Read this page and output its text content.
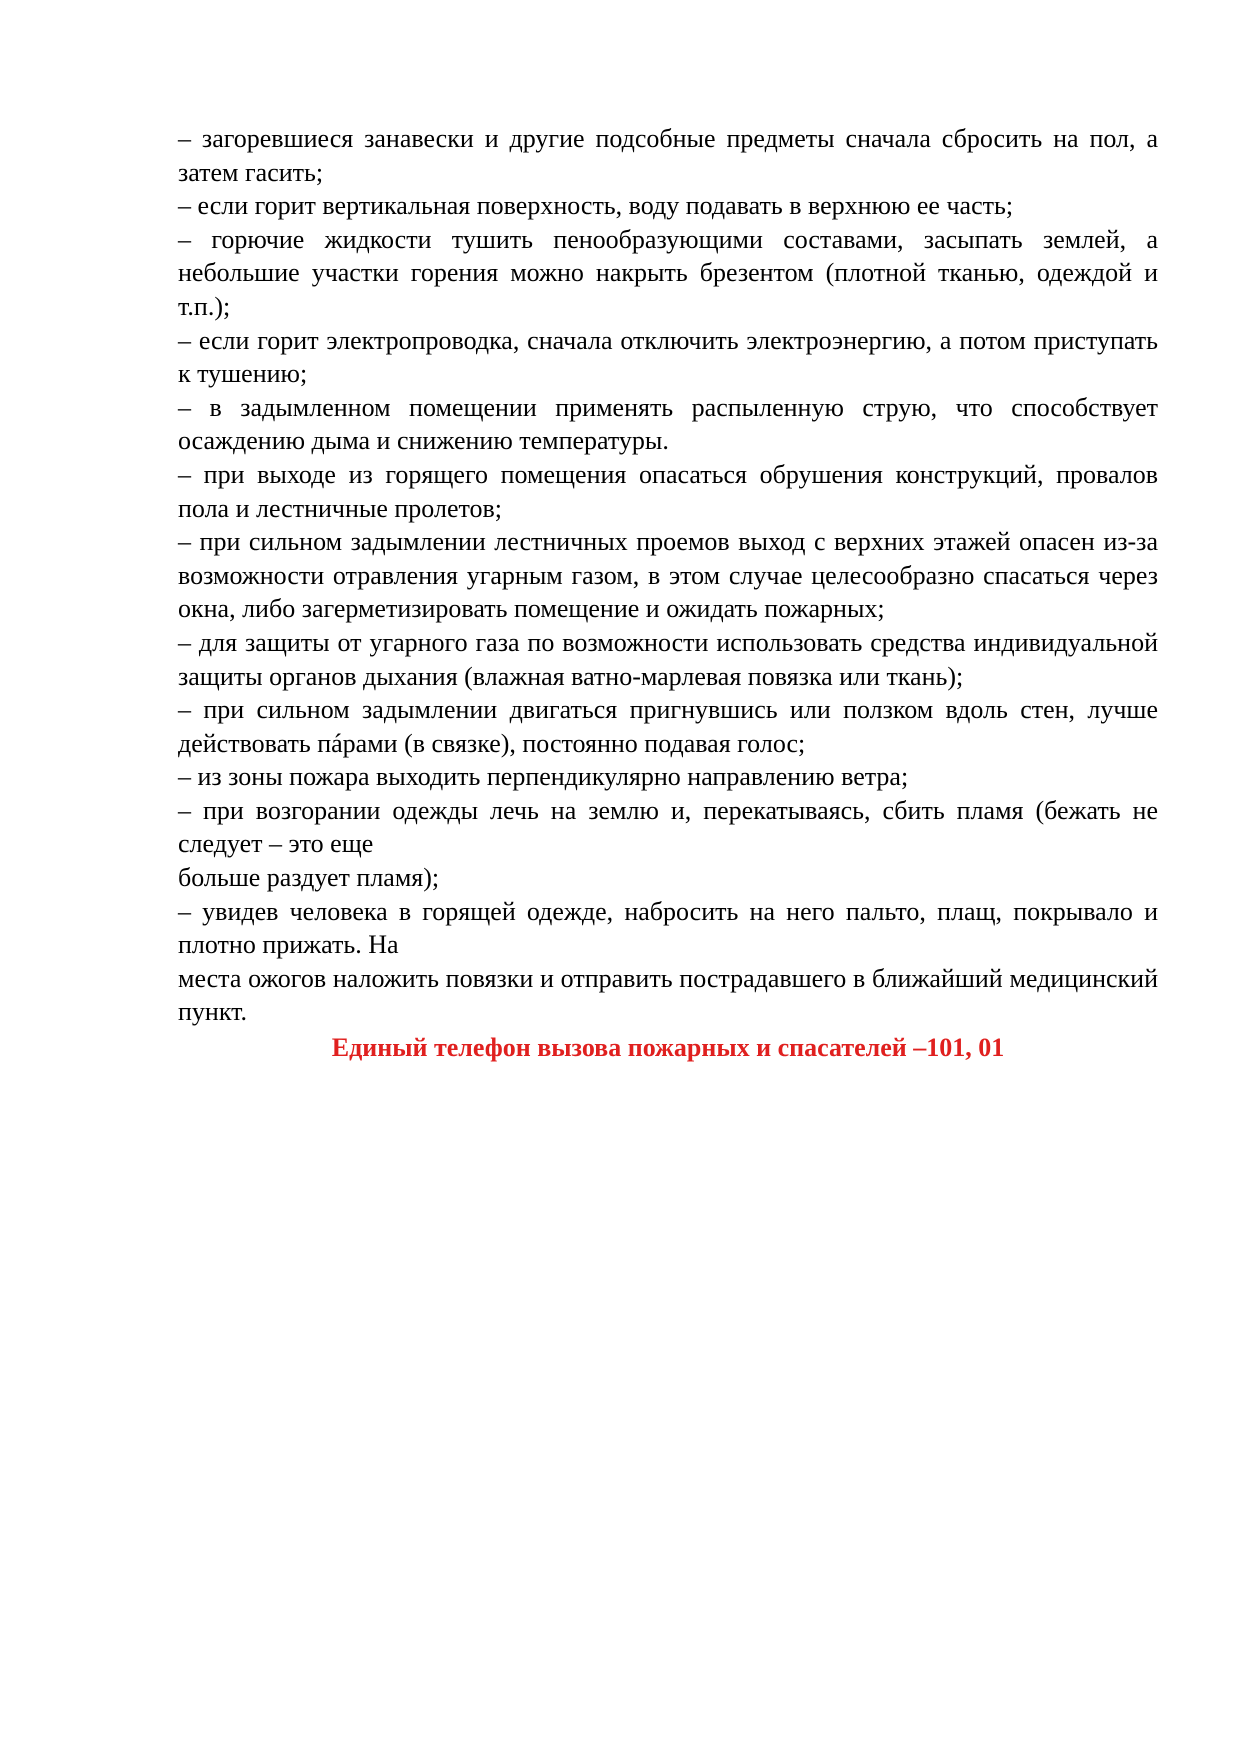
– загоревшиеся занавески и другие подсобные предметы сначала сбросить на пол, а затем гасить;

– если горит вертикальная поверхность, воду подавать в верхнюю ее часть;

– горючие жидкости тушить пенообразующими составами, засыпать землей, а небольшие участки горения можно накрыть брезентом (плотной тканью, одеждой и т.п.);

– если горит электропроводка, сначала отключить электроэнергию, а потом приступать к тушению;

– в задымленном помещении применять распыленную струю, что способствует осаждению дыма и снижению температуры.

– при выходе из горящего помещения опасаться обрушения конструкций, провалов пола и лестничные пролетов;

– при сильном задымлении лестничных проемов выход с верхних этажей опасен из-за возможности отравления угарным газом, в этом случае целесообразно спасаться через окна, либо загерметизировать помещение и ожидать пожарных;

– для защиты от угарного газа по возможности использовать средства индивидуальной защиты органов дыхания (влажная ватно-марлевая повязка или ткань);

– при сильном задымлении двигаться пригнувшись или ползком вдоль стен, лучше действовать пáрами (в связке), постоянно подавая голос;

– из зоны пожара выходить перпендикулярно направлению ветра;

– при возгорании одежды лечь на землю и, перекатываясь, сбить пламя (бежать не следует – это еще
больше раздует пламя);

– увидев человека в горящей одежде, набросить на него пальто, плащ, покрывало и плотно прижать. На
места ожогов наложить повязки и отправить пострадавшего в ближайший медицинский пункт.

Единый телефон вызова пожарных и спасателей –101, 01
